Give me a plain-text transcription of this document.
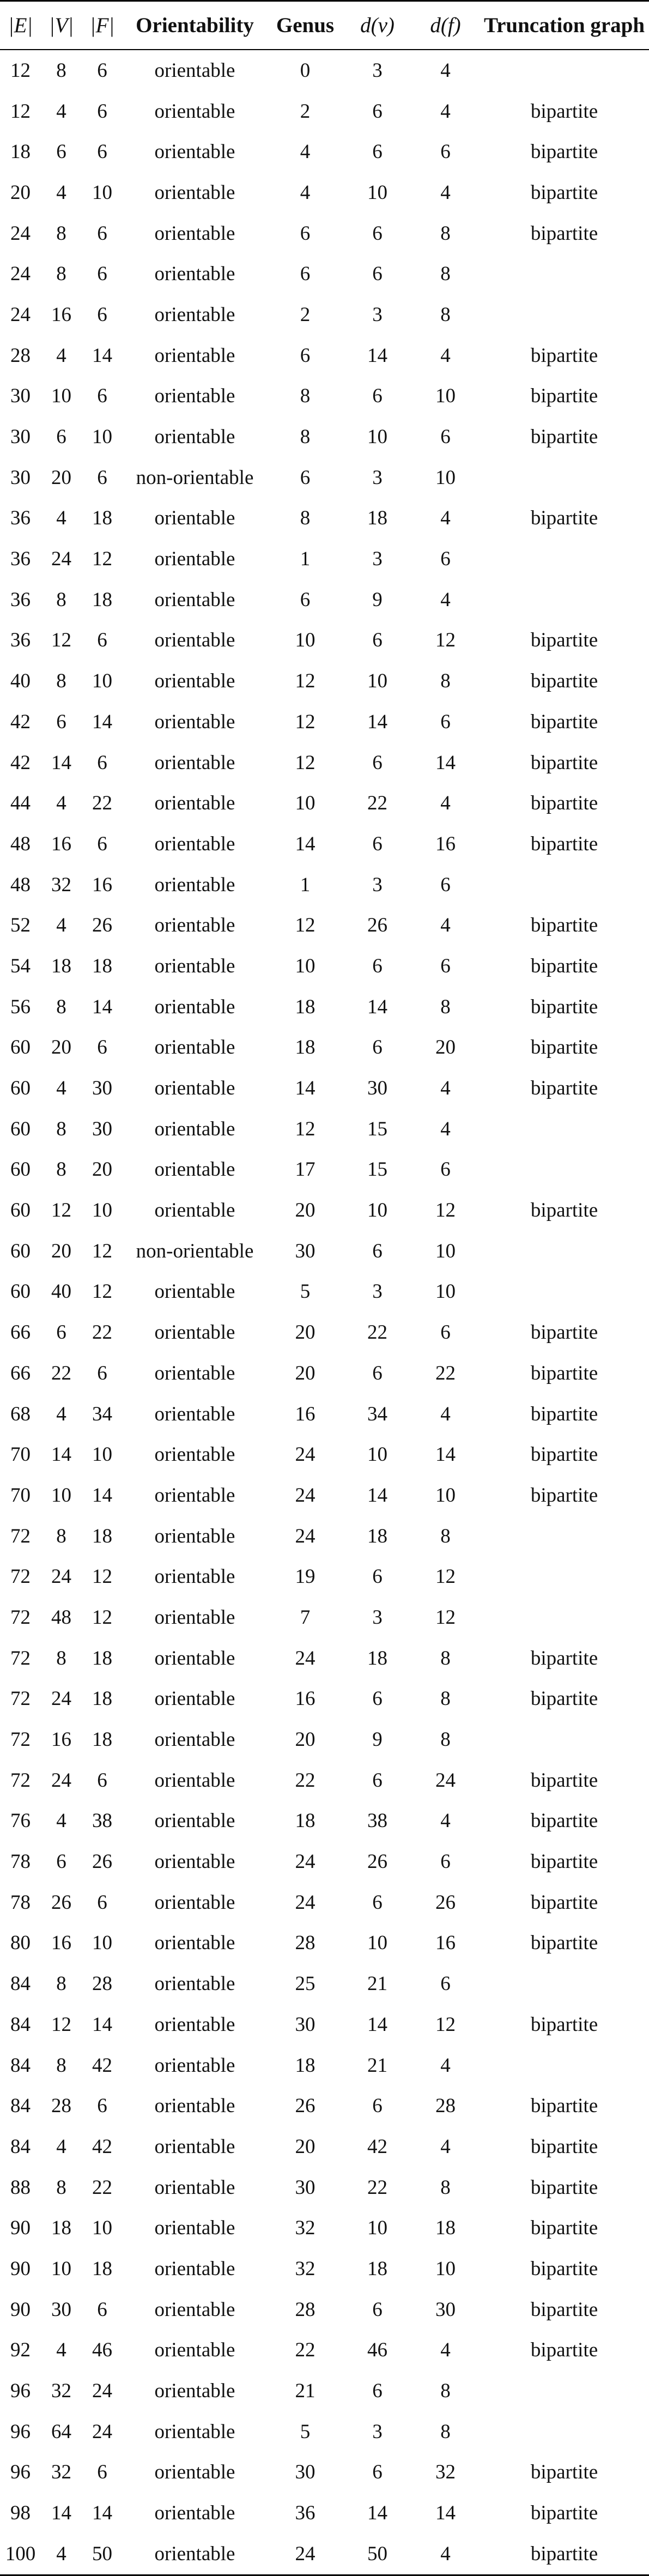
|E|	|V|	|F|	Orientability	Genus	d(v)	d(f)	Truncation graph
12	8	6	orientable	0	3	4	
12	4	6	orientable	2	6	4	bipartite
18	6	6	orientable	4	6	6	bipartite
20	4	10	orientable	4	10	4	bipartite
24	8	6	orientable	6	6	8	bipartite
24	8	6	orientable	6	6	8	
24	16	6	orientable	2	3	8	
28	4	14	orientable	6	14	4	bipartite
30	10	6	orientable	8	6	10	bipartite
30	6	10	orientable	8	10	6	bipartite
30	20	6	non-orientable	6	3	10	
36	4	18	orientable	8	18	4	bipartite
36	24	12	orientable	1	3	6	
36	8	18	orientable	6	9	4	
36	12	6	orientable	10	6	12	bipartite
40	8	10	orientable	12	10	8	bipartite
42	6	14	orientable	12	14	6	bipartite
42	14	6	orientable	12	6	14	bipartite
44	4	22	orientable	10	22	4	bipartite
48	16	6	orientable	14	6	16	bipartite
48	32	16	orientable	1	3	6	
52	4	26	orientable	12	26	4	bipartite
54	18	18	orientable	10	6	6	bipartite
56	8	14	orientable	18	14	8	bipartite
60	20	6	orientable	18	6	20	bipartite
60	4	30	orientable	14	30	4	bipartite
60	8	30	orientable	12	15	4	
60	8	20	orientable	17	15	6	
60	12	10	orientable	20	10	12	bipartite
60	20	12	non-orientable	30	6	10	
60	40	12	orientable	5	3	10	
66	6	22	orientable	20	22	6	bipartite
66	22	6	orientable	20	6	22	bipartite
68	4	34	orientable	16	34	4	bipartite
70	14	10	orientable	24	10	14	bipartite
70	10	14	orientable	24	14	10	bipartite
72	8	18	orientable	24	18	8	
72	24	12	orientable	19	6	12	
72	48	12	orientable	7	3	12	
72	8	18	orientable	24	18	8	bipartite
72	24	18	orientable	16	6	8	bipartite
72	16	18	orientable	20	9	8	
72	24	6	orientable	22	6	24	bipartite
76	4	38	orientable	18	38	4	bipartite
78	6	26	orientable	24	26	6	bipartite
78	26	6	orientable	24	6	26	bipartite
80	16	10	orientable	28	10	16	bipartite
84	8	28	orientable	25	21	6	
84	12	14	orientable	30	14	12	bipartite
84	8	42	orientable	18	21	4	
84	28	6	orientable	26	6	28	bipartite
84	4	42	orientable	20	42	4	bipartite
88	8	22	orientable	30	22	8	bipartite
90	18	10	orientable	32	10	18	bipartite
90	10	18	orientable	32	18	10	bipartite
90	30	6	orientable	28	6	30	bipartite
92	4	46	orientable	22	46	4	bipartite
96	32	24	orientable	21	6	8	
96	64	24	orientable	5	3	8	
96	32	6	orientable	30	6	32	bipartite
98	14	14	orientable	36	14	14	bipartite
100	4	50	orientable	24	50	4	bipartite
